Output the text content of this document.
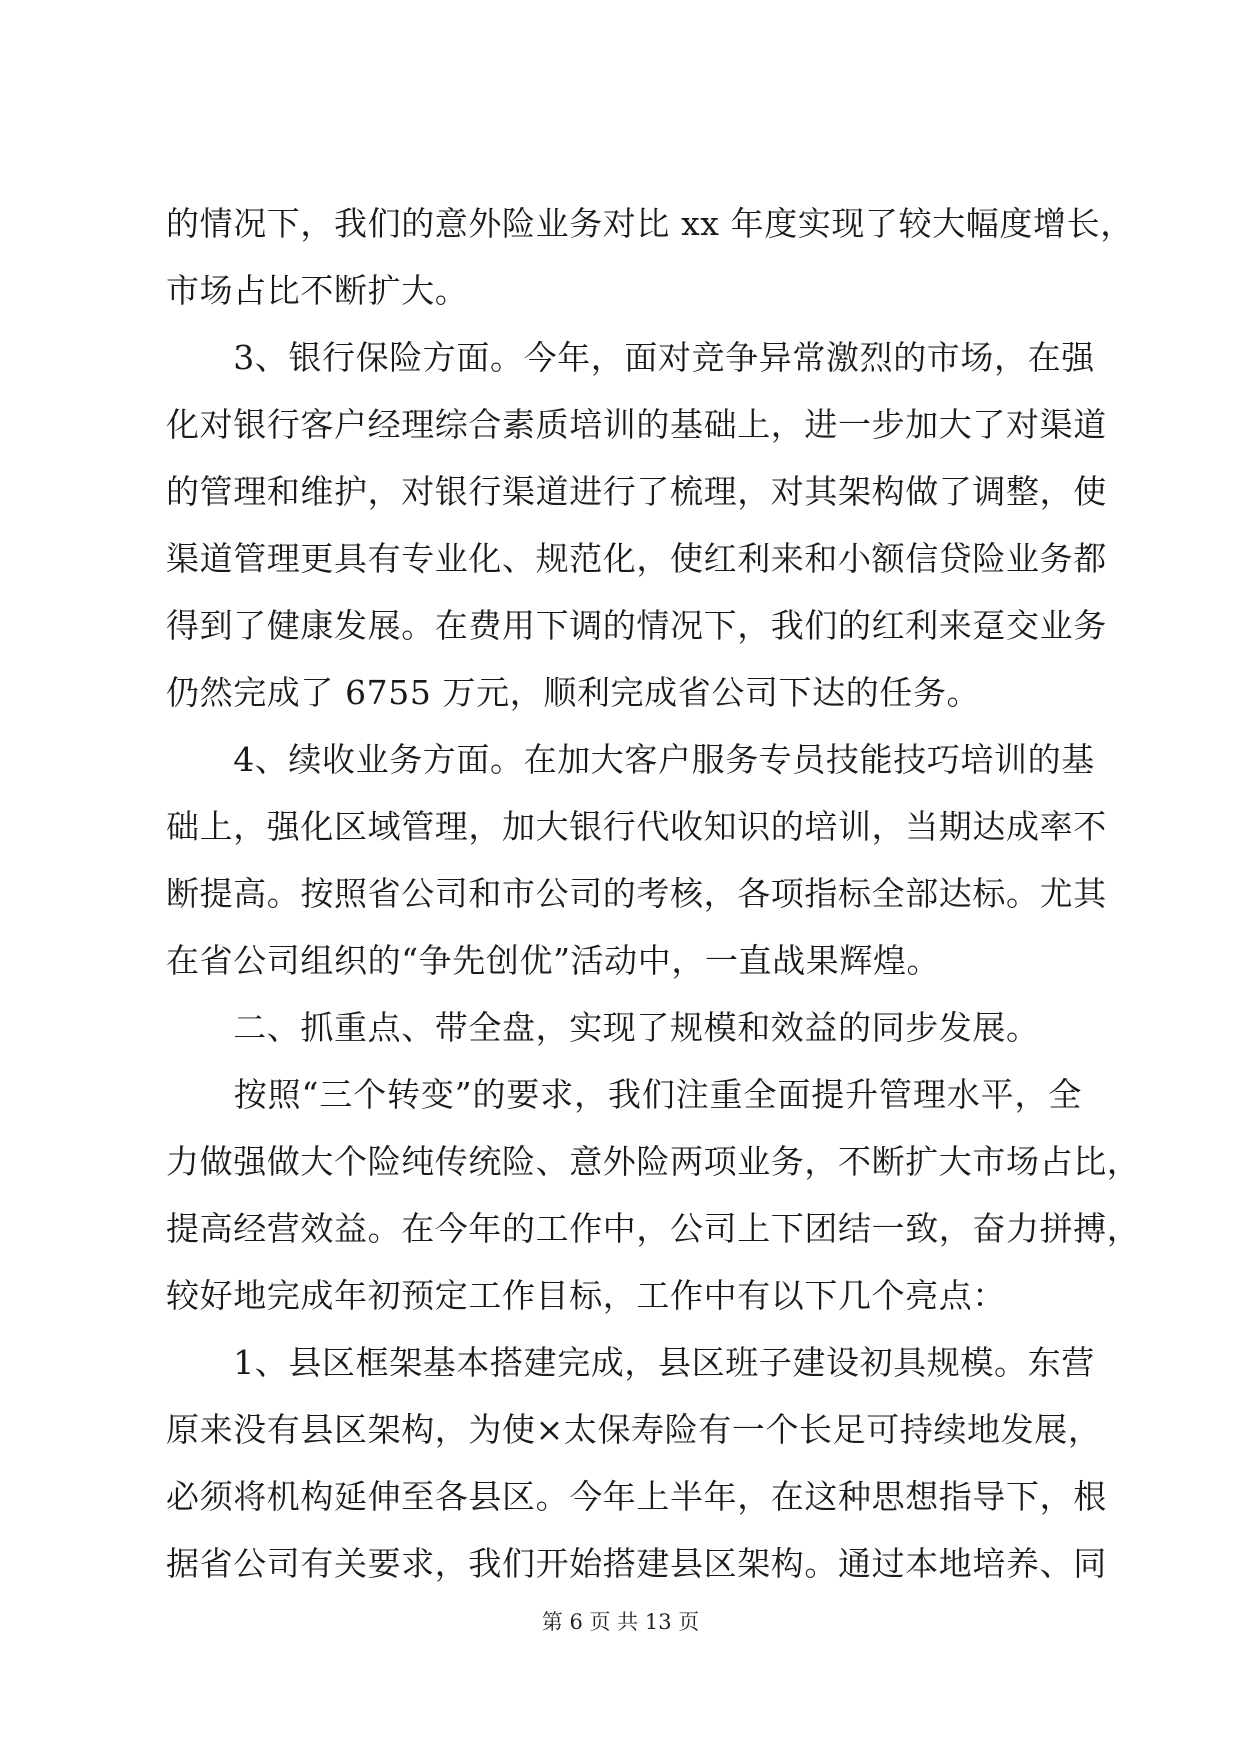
的情况下，我们的意外险业务对比 xx 年度实现了较大幅度增长，
市场占比不断扩大。
　　3、银行保险方面。今年，面对竞争异常激烈的市场，在强
化对银行客户经理综合素质培训的基础上，进一步加大了对渠道
的管理和维护，对银行渠道进行了梳理，对其架构做了调整，使
渠道管理更具有专业化、规范化，使红利来和小额信贷险业务都
得到了健康发展。在费用下调的情况下，我们的红利来趸交业务
仍然完成了 6755 万元，顺利完成省公司下达的任务。
　　4、续收业务方面。在加大客户服务专员技能技巧培训的基
础上，强化区域管理，加大银行代收知识的培训，当期达成率不
断提高。按照省公司和市公司的考核，各项指标全部达标。尤其
在省公司组织的“争先创优”活动中，一直战果辉煌。
　　二、抓重点、带全盘，实现了规模和效益的同步发展。
　　按照“三个转变”的要求，我们注重全面提升管理水平，全
力做强做大个险纯传统险、意外险两项业务，不断扩大市场占比，
提高经营效益。在今年的工作中，公司上下团结一致，奋力拼搏，
较好地完成年初预定工作目标，工作中有以下几个亮点：
　　1、县区框架基本搭建完成，县区班子建设初具规模。东营
原来没有县区架构，为使×太保寿险有一个长足可持续地发展，
必须将机构延伸至各县区。今年上半年，在这种思想指导下，根
据省公司有关要求，我们开始搭建县区架构。通过本地培养、同
第 6 页 共 13 页
